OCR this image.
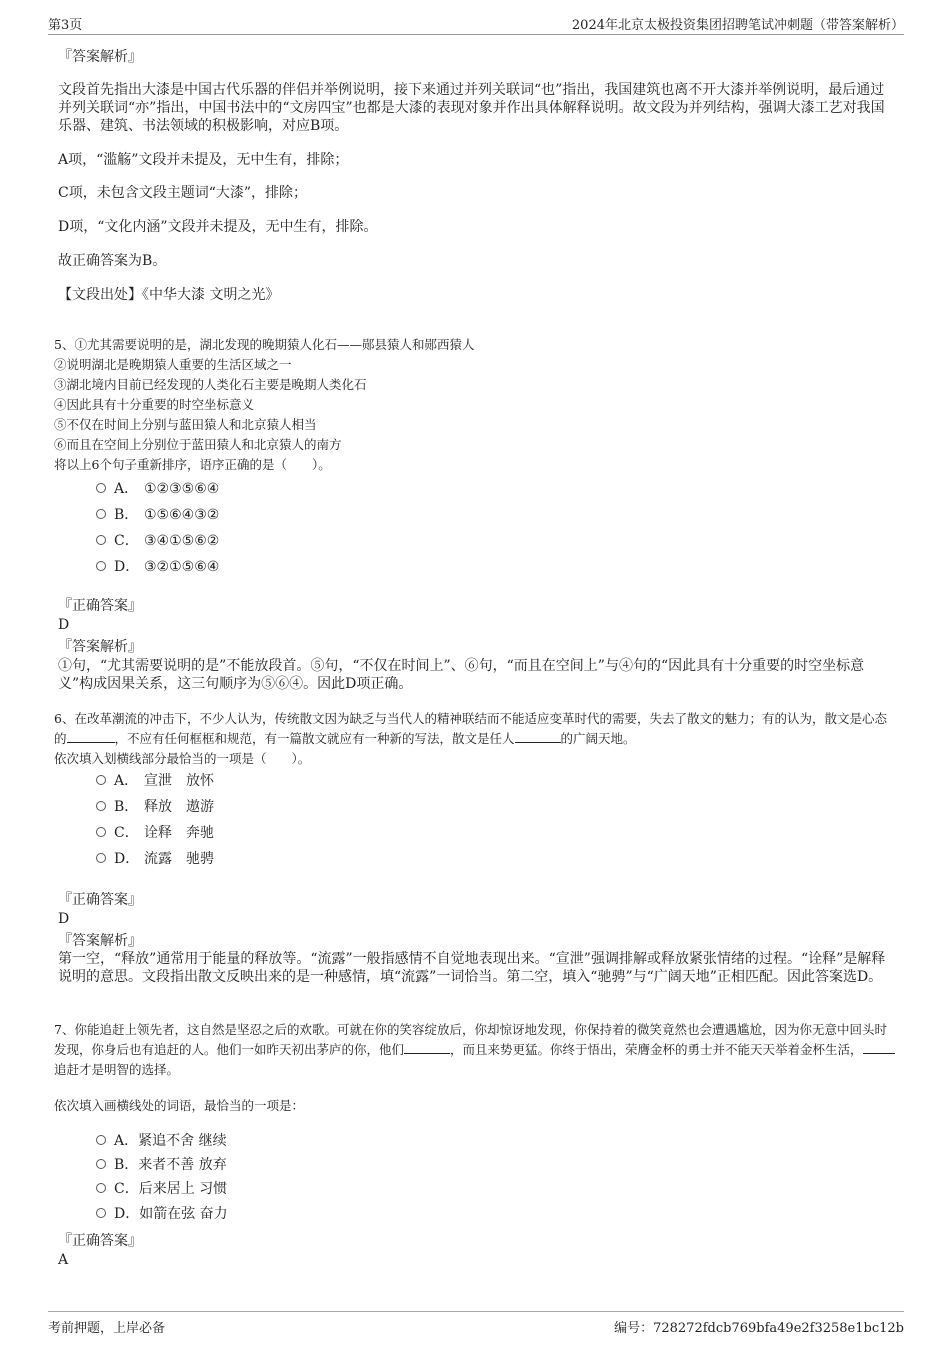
第3页	2024年北京太极投资集团招聘笔试冲刺题（带答案解析）
『答案解析』
文段首先指出大漆是中国古代乐器的伴侣并举例说明，接下来通过并列关联词“也”指出，我国建筑也离不开大漆并举例说明，最后通过并列关联词“亦”指出，中国书法中的“文房四宝”也都是大漆的表现对象并作出具体解释说明。故文段为并列结构，强调大漆工艺对我国乐器、建筑、书法领域的积极影响，对应B项。
A项，“滥觞”文段并未提及，无中生有，排除；
C项，未包含文段主题词“大漆”，排除；
D项，“文化内涵”文段并未提及，无中生有，排除。
故正确答案为B。
【文段出处】《中华大漆 文明之光》
5、①尤其需要说明的是，湖北发现的晚期猿人化石——郧县猿人和郧西猿人
②说明湖北是晚期猿人重要的生活区域之一
③湖北境内目前已经发现的人类化石主要是晚期人类化石
④因此具有十分重要的时空坐标意义
⑤不仅在时间上分别与蓝田猿人和北京猿人相当
⑥而且在空间上分别位于蓝田猿人和北京猿人的南方
将以上6个句子重新排序，语序正确的是（　　）。
A． ①②③⑤⑥④
B． ①⑤⑥④③②
C． ③④①⑤⑥②
D． ③②①⑤⑥④
『正确答案』
D
『答案解析』
①句，“尤其需要说明的是”不能放段首。⑤句，“不仅在时间上”、⑥句，“而且在空间上”与④句的“因此具有十分重要的时空坐标意义”构成因果关系，这三句顺序为⑤⑥④。因此D项正确。
6、在改革潮流的冲击下，不少人认为，传统散文因为缺乏与当代人的精神联结而不能适应变革时代的需要，失去了散文的魅力；有的认为，散文是心态的	，不应有任何框框和规范，有一篇散文就应有一种新的写法，散文是任人	的广阔天地。
依次填入划横线部分最恰当的一项是（　　）。
A． 宣泄 放怀
B． 释放 遨游
C． 诠释 奔驰
D． 流露 驰骋
『正确答案』
D
『答案解析』
第一空，“释放”通常用于能量的释放等。“流露”一般指感情不自觉地表现出来。“宣泄”强调排解或释放紧张情绪的过程。“诠释”是解释说明的意思。文段指出散文反映出来的是一种感情，填“流露”一词恰当。第二空，填入“驰骋”与“广阔天地”正相匹配。因此答案选D。
7、你能追赶上领先者，这自然是坚忍之后的欢歌。可就在你的笑容绽放后，你却惊讶地发现，你保持着的微笑竟然也会遭遇尴尬，因为你无意中回头时发现，你身后也有追赶的人。他们一如昨天初出茅庐的你，他们	，而且来势更猛。你终于悟出，荣膺金杯的勇士并不能天天举着金杯生活，追赶才是明智的选择。
依次填入画横线处的词语，最恰当的一项是：
A．紧追不舍 继续
B．来者不善 放弃
C．后来居上 习惯
D．如箭在弦 奋力
『正确答案』
A
考前押题，上岸必备	编号：728272fdcb769bfa49e2f3258e1bc12b
